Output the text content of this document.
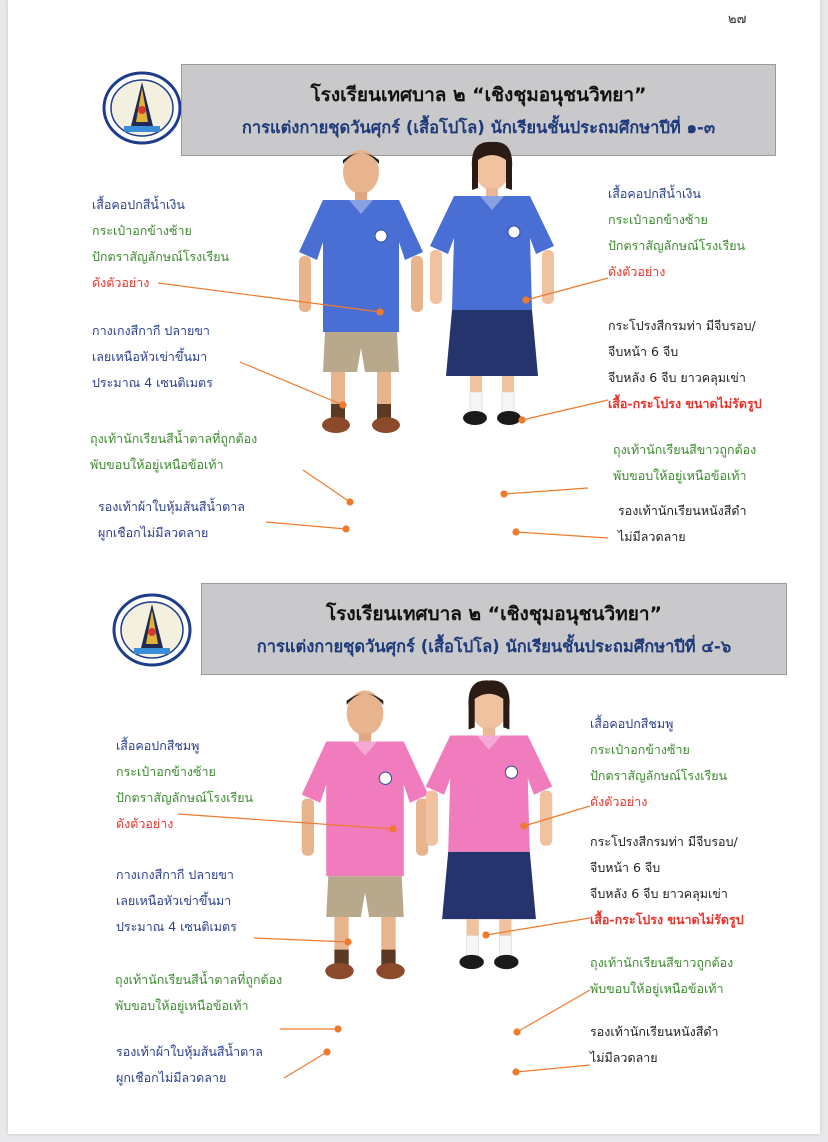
๒๗
โรงเรียนเทศบาล ๒ “เชิงชุมอนุชนวิทยา”
การแต่งกายชุดวันศุกร์ (เสื้อโปโล) นักเรียนชั้นประถมศึกษาปีที่ ๑-๓
เสื้อคอปกสีน้ำเงิน
กระเป๋าอกข้างซ้าย
ปักตราสัญลักษณ์โรงเรียน
ดังตัวอย่าง
กางเกงสีกากี ปลายขา
เลยเหนือหัวเข่าขึ้นมา
ประมาณ 4 เซนติเมตร
ถุงเท้านักเรียนสีน้ำตาลที่ถูกต้อง
พับขอบให้อยู่เหนือข้อเท้า
รองเท้าผ้าใบหุ้มส้นสีน้ำตาล
ผูกเชือกไม่มีลวดลาย
เสื้อคอปกสีน้ำเงิน
กระเป๋าอกข้างซ้าย
ปักตราสัญลักษณ์โรงเรียน
ดังตัวอย่าง
กระโปรงสีกรมท่า มีจีบรอบ/
จีบหน้า 6 จีบ
จีบหลัง 6 จีบ ยาวคลุมเข่า
เสื้อ-กระโปรง ขนาดไม่รัดรูป
ถุงเท้านักเรียนสีขาวถูกต้อง
พับขอบให้อยู่เหนือข้อเท้า
รองเท้านักเรียนหนังสีดำ
ไม่มีลวดลาย
โรงเรียนเทศบาล ๒ “เชิงชุมอนุชนวิทยา”
การแต่งกายชุดวันศุกร์ (เสื้อโปโล) นักเรียนชั้นประถมศึกษาปีที่ ๔-๖
เสื้อคอปกสีชมพู
กระเป๋าอกข้างซ้าย
ปักตราสัญลักษณ์โรงเรียน
ดังตัวอย่าง
กางเกงสีกากี ปลายขา
เลยเหนือหัวเข่าขึ้นมา
ประมาณ 4 เซนติเมตร
ถุงเท้านักเรียนสีน้ำตาลที่ถูกต้อง
พับขอบให้อยู่เหนือข้อเท้า
รองเท้าผ้าใบหุ้มส้นสีน้ำตาล
ผูกเชือกไม่มีลวดลาย
เสื้อคอปกสีชมพู
กระเป๋าอกข้างซ้าย
ปักตราสัญลักษณ์โรงเรียน
ดังตัวอย่าง
กระโปรงสีกรมท่า มีจีบรอบ/
จีบหน้า 6 จีบ
จีบหลัง 6 จีบ ยาวคลุมเข่า
เสื้อ-กระโปรง ขนาดไม่รัดรูป
ถุงเท้านักเรียนสีขาวถูกต้อง
พับขอบให้อยู่เหนือข้อเท้า
รองเท้านักเรียนหนังสีดำ
ไม่มีลวดลาย
